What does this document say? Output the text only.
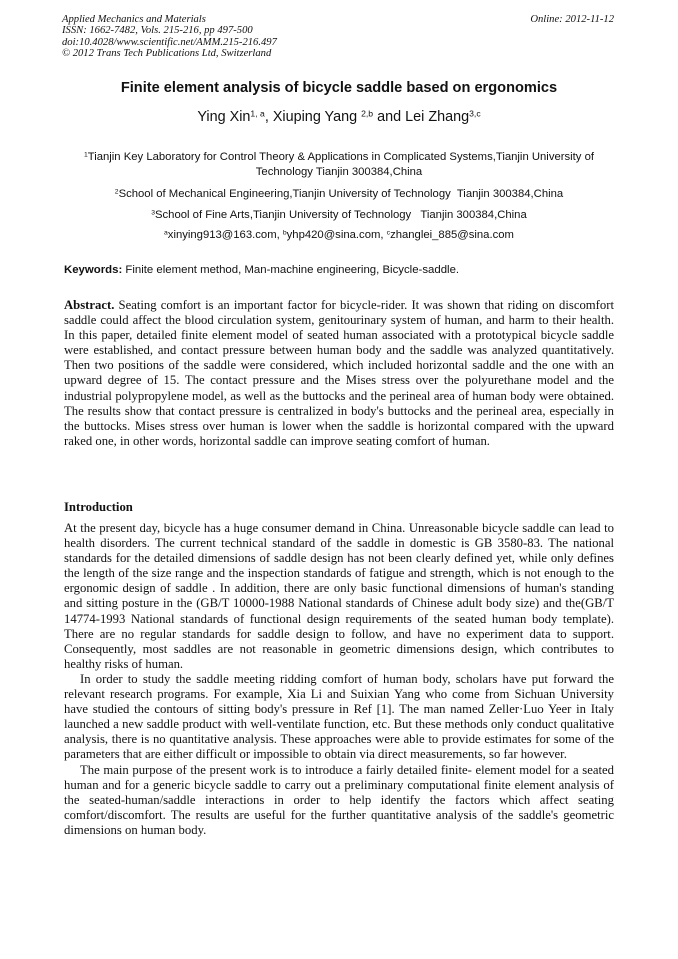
Applied Mechanics and Materials
ISSN: 1662-7482, Vols. 215-216, pp 497-500
doi:10.4028/www.scientific.net/AMM.215-216.497
© 2012 Trans Tech Publications Ltd, Switzerland
Online: 2012-11-12
Finite element analysis of bicycle saddle based on ergonomics
Ying Xin$^{1, a}$, Xiuping Yang $^{2,b}$ and Lei Zhang$^{3,c}$
$^1$Tianjin Key Laboratory for Control Theory & Applications in Complicated Systems,Tianjin University of Technology Tianjin 300384,China
$^2$School of Mechanical Engineering,Tianjin University of Technology  Tianjin 300384,China
$^3$School of Fine Arts,Tianjin University of Technology   Tianjin 300384,China
$^a$xinying913@163.com, $^b$yhp420@sina.com, $^c$zhanglei_885@sina.com
Keywords: Finite element method, Man-machine engineering, Bicycle-saddle.
Abstract. Seating comfort is an important factor for bicycle-rider. It was shown that riding on discomfort saddle could affect the blood circulation system, genitourinary system of human, and harm to their health. In this paper, detailed finite element model of seated human associated with a prototypical bicycle saddle were established, and contact pressure between human body and the saddle was analyzed quantitatively. Then two positions of the saddle were considered, which included horizontal saddle and the one with an upward degree of 15. The contact pressure and the Mises stress over the polyurethane model and the industrial polypropylene model, as well as the buttocks and the perineal area of human body were obtained. The results show that contact pressure is centralized in body's buttocks and the perineal area, especially in the buttocks. Mises stress over human is lower when the saddle is horizontal compared with the upward raked one, in other words, horizontal saddle can improve seating comfort of human.
Introduction

At the present day, bicycle has a huge consumer demand in China. Unreasonable bicycle saddle can lead to health disorders. The current technical standard of the saddle in domestic is GB 3580-83. The national standards for the detailed dimensions of saddle design has not been clearly defined yet, while only defines the length of the size range and the inspection standards of fatigue and strength, which is not enough to the ergonomic design of saddle . In addition, there are only basic functional dimensions of human's standing and sitting posture in the (GB/T 10000-1988 National standards of Chinese adult body size) and the(GB/T 14774-1993 National standards of functional design requirements of the seated human body template). There are no regular standards for saddle design to follow, and have no experiment data to support. Consequently, most saddles are not reasonable in geometric dimensions design, which contributes to healthy risks of human.

In order to study the saddle meeting ridding comfort of human body, scholars have put forward the relevant research programs. For example, Xia Li and Suixian Yang who come from Sichuan University have studied the contours of sitting body's pressure in Ref [1]. The man named Zeller·Luo Yeer in Italy launched a new saddle product with well-ventilate function, etc. But these methods only conduct qualitative analysis, there is no quantitative analysis. These approaches were able to provide estimates for some of the parameters that are either difficult or impossible to obtain via direct measurements, so far however.

The main purpose of the present work is to introduce a fairly detailed finite- element model for a seated human and for a generic bicycle saddle to carry out a preliminary computational finite element analysis of the seated-human/saddle interactions in order to help identify the factors which affect seating comfort/discomfort. The results are useful for the further quantitative analysis of the saddle's geometric dimensions on human body.
